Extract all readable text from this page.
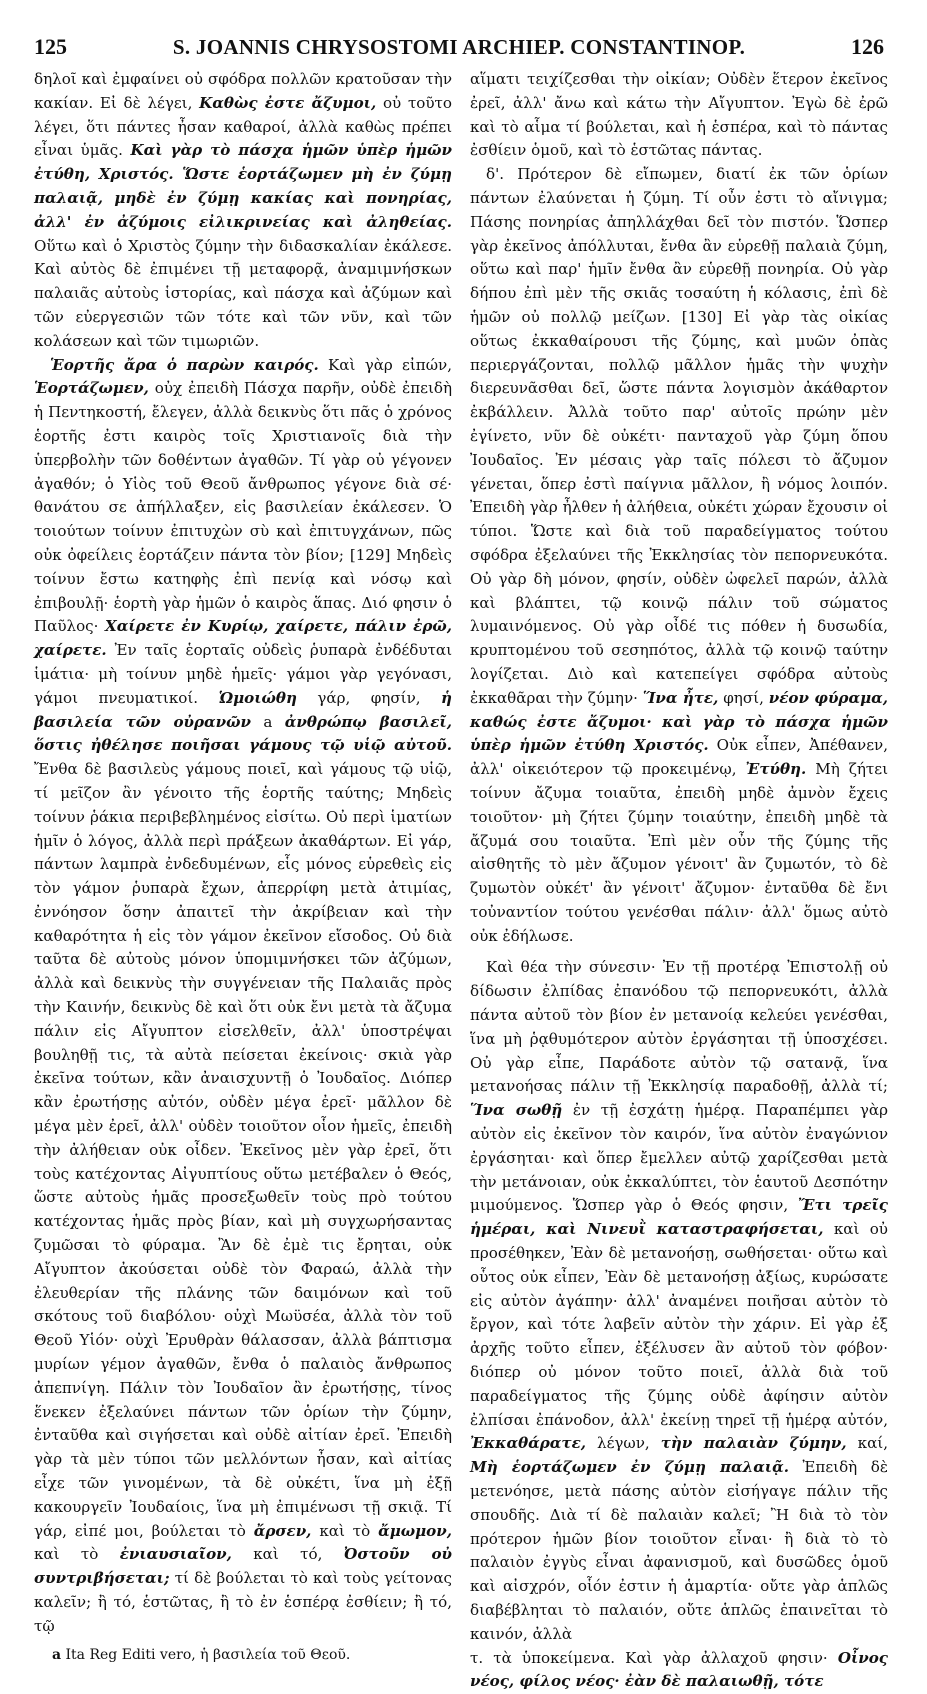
125	S. JOANNIS CHRYSOSTOMI ARCHIEP. CONSTANTINOP.	126

δηλοῖ καὶ ἐμφαίνει οὐ σφόδρα πολλῶν κρατοῦσαν τὴν κακίαν. Εἰ δὲ λέγει, Καθὼς ἐστε ἄζυμοι, οὐ τοῦτο λέγει, ὅτι πάντες ἦσαν καθαροί, ἀλλὰ καθὼς πρέπει εἶναι ὑμᾶς. Καὶ γὰρ τὸ πάσχα ἡμῶν ὑπὲρ ἡμῶν ἐτύθη, Χριστός. Ὥστε ἑορτάζωμεν μὴ ἐν ζύμῃ παλαιᾷ, μηδὲ ἐν ζύμῃ κακίας καὶ πονηρίας, ἀλλ' ἐν ἀζύμοις εἰλικρινείας καὶ ἀληθείας. Οὕτω καὶ ὁ Χριστὸς ζύμην τὴν διδασκαλίαν ἐκάλεσε. Καὶ αὐτὸς δὲ ἐπιμένει τῇ μεταφορᾷ, ἀναμιμνήσκων παλαιᾶς αὐτοὺς ἱστορίας, καὶ πάσχα καὶ ἀζύμων καὶ τῶν εὐεργεσιῶν τῶν τότε καὶ τῶν νῦν, καὶ τῶν κολάσεων καὶ τῶν τιμωριῶν.

Ἑορτῆς ἄρα ὁ παρὼν καιρός. Καὶ γὰρ εἰπών, Ἑορτάζωμεν, οὐχ ἐπειδὴ Πάσχα παρῆν, οὐδὲ ἐπειδὴ ἡ Πεντηκοστή, ἔλεγεν, ἀλλὰ δεικνὺς ὅτι πᾶς ὁ χρόνος ἑορτῆς ἐστι καιρὸς τοῖς Χριστιανοῖς διὰ τὴν ὑπερβολὴν τῶν δοθέντων ἀγαθῶν. Τί γὰρ οὐ γέγονεν ἀγαθόν; ὁ Υἱὸς τοῦ Θεοῦ ἄνθρωπος γέγονε διὰ σέ· θανάτου σε ἀπήλλαξεν, εἰς βασιλείαν ἐκάλεσεν. Ὁ τοιούτων τοίνυν ἐπιτυχὼν σὺ καὶ ἐπιτυγχάνων, πῶς οὐκ ὀφείλεις ἑορτάζειν πάντα τὸν βίον; [129] Μηδεὶς τοίνυν ἔστω κατηφὴς ἐπὶ πενίᾳ καὶ νόσῳ καὶ ἐπιβουλῇ· ἑορτὴ γὰρ ἡμῶν ὁ καιρὸς ἅπας. Διό φησιν ὁ Παῦλος· Χαίρετε ἐν Κυρίῳ, χαίρετε, πάλιν ἐρῶ, χαίρετε. Ἐν ταῖς ἑορταῖς οὐδεὶς ῥυπαρὰ ἐνδέδυται ἱμάτια· μὴ τοίνυν μηδὲ ἡμεῖς· γάμοι γὰρ γεγόνασι, γάμοι πνευματικοί. Ὡμοιώθη γάρ, φησίν, ἡ βασιλεία τῶν οὐρανῶν a ἀνθρώπῳ βασιλεῖ, ὅστις ἠθέλησε ποιῆσαι γάμους τῷ υἱῷ αὐτοῦ. Ἔνθα δὲ βασιλεὺς γάμους ποιεῖ, καὶ γάμους τῷ υἱῷ, τί μεῖζον ἂν γένοιτο τῆς ἑορτῆς ταύτης; Μηδεὶς τοίνυν ῥάκια περιβεβλημένος εἰσίτω. Οὐ περὶ ἱματίων ἡμῖν ὁ λόγος, ἀλλὰ περὶ πράξεων ἀκαθάρτων. Εἰ γάρ, πάντων λαμπρὰ ἐνδεδυμένων, εἷς μόνος εὑρεθεὶς εἰς τὸν γάμον ῥυπαρὰ ἔχων, ἀπερρίφη μετὰ ἀτιμίας, ἐννόησον ὅσην ἀπαιτεῖ τὴν ἀκρίβειαν καὶ τὴν καθαρότητα ἡ εἰς τὸν γάμον ἐκεῖνον εἴσοδος. Οὐ διὰ ταῦτα δὲ αὐτοὺς μόνον ὑπομιμνήσκει τῶν ἀζύμων, ἀλλὰ καὶ δεικνὺς τὴν συγγένειαν τῆς Παλαιᾶς πρὸς τὴν Καινήν, δεικνὺς δὲ καὶ ὅτι οὐκ ἔνι μετὰ τὰ ἄζυμα πάλιν εἰς Αἴγυπτον εἰσελθεῖν, ἀλλ' ὑποστρέψαι βουληθῇ τις, τὰ αὐτὰ πείσεται ἐκείνοις· σκιὰ γὰρ ἐκεῖνα τούτων, κἂν ἀναισχυντῇ ὁ Ἰουδαῖος. Διόπερ κἂν ἐρωτήσῃς αὐτόν, οὐδὲν μέγα ἐρεῖ· μᾶλλον δὲ μέγα μὲν ἐρεῖ, ἀλλ' οὐδὲν τοιοῦτον οἷον ἡμεῖς, ἐπειδὴ τὴν ἀλήθειαν οὐκ οἶδεν. Ἐκεῖνος μὲν γὰρ ἐρεῖ, ὅτι τοὺς κατέχοντας Αἰγυπτίους οὕτω μετέβαλεν ὁ Θεός, ὥστε αὐτοὺς ἡμᾶς προσεξωθεῖν τοὺς πρὸ τούτου κατέχοντας ἡμᾶς πρὸς βίαν, καὶ μὴ συγχωρήσαντας ζυμῶσαι τὸ φύραμα. Ἂν δὲ ἐμὲ τις ἔρηται, οὐκ Αἴγυπτον ἀκούσεται οὐδὲ τὸν Φαραώ, ἀλλὰ τὴν ἐλευθερίαν τῆς πλάνης τῶν δαιμόνων καὶ τοῦ σκότους τοῦ διαβόλου· οὐχὶ Μωϋσέα, ἀλλὰ τὸν τοῦ Θεοῦ Υἱόν· οὐχὶ Ἐρυθρὰν θάλασσαν, ἀλλὰ βάπτισμα μυρίων γέμον ἀγαθῶν, ἔνθα ὁ παλαιὸς ἄνθρωπος ἀπεπνίγη. Πάλιν τὸν Ἰουδαῖον ἂν ἐρωτήσῃς, τίνος ἕνεκεν ἐξελαύνει πάντων τῶν ὁρίων τὴν ζύμην, ἐνταῦθα καὶ σιγήσεται καὶ οὐδὲ αἰτίαν ἐρεῖ. Ἐπειδὴ γὰρ τὰ μὲν τύποι τῶν μελλόντων ἦσαν, καὶ αἰτίας εἶχε τῶν γινομένων, τὰ δὲ οὐκέτι, ἵνα μὴ ἐξῇ κακουργεῖν Ἰουδαίοις, ἵνα μὴ ἐπιμένωσι τῇ σκιᾷ. Τί γάρ, εἰπέ μοι, βούλεται τὸ ἄρσεν, καὶ τὸ ἄμωμον, καὶ τὸ ἐνιαυσιαῖον, καὶ τό, Ὀστοῦν οὐ συντριβήσεται; τί δὲ βούλεται τὸ καὶ τοὺς γείτονας καλεῖν; ἢ τό, ἑστῶτας, ἢ τὸ ἐν ἑσπέρᾳ ἐσθίειν; ἢ τό, τῷ

a Ita Reg Editi vero, ἡ βασιλεία τοῦ Θεοῦ.

αἵματι τειχίζεσθαι τὴν οἰκίαν; Οὐδὲν ἕτερον ἐκεῖνος ἐρεῖ, ἀλλ' ἄνω καὶ κάτω τὴν Αἴγυπτον. Ἐγὼ δὲ ἐρῶ καὶ τὸ αἷμα τί βούλεται, καὶ ἡ ἑσπέρα, καὶ τὸ πάντας ἐσθίειν ὁμοῦ, καὶ τὸ ἑστῶτας πάντας.

δ'. Πρότερον δὲ εἴπωμεν, διατί ἐκ τῶν ὁρίων πάντων ἐλαύνεται ἡ ζύμη. Τί οὖν ἐστι τὸ αἴνιγμα; Πάσης πονηρίας ἀπηλλάχθαι δεῖ τὸν πιστόν. Ὥσπερ γὰρ ἐκεῖνος ἀπόλλυται, ἔνθα ἂν εὑρεθῇ παλαιὰ ζύμη, οὕτω καὶ παρ' ἡμῖν ἔνθα ἂν εὑρεθῇ πονηρία. Οὐ γὰρ δήπου ἐπὶ μὲν τῆς σκιᾶς τοσαύτη ἡ κόλασις, ἐπὶ δὲ ἡμῶν οὐ πολλῷ μείζων. [130] Εἰ γὰρ τὰς οἰκίας οὕτως ἐκκαθαίρουσι τῆς ζύμης, καὶ μυῶν ὀπὰς περιεργάζονται, πολλῷ μᾶλλον ἡμᾶς τὴν ψυχὴν διερευνᾶσθαι δεῖ, ὥστε πάντα λογισμὸν ἀκάθαρτον ἐκβάλλειν. Ἀλλὰ τοῦτο παρ' αὐτοῖς πρώην μὲν ἐγίνετο, νῦν δὲ οὐκέτι· πανταχοῦ γὰρ ζύμη ὅπου Ἰουδαῖος. Ἐν μέσαις γὰρ ταῖς πόλεσι τὸ ἄζυμον γένεται, ὅπερ ἐστὶ παίγνια μᾶλλον, ἢ νόμος λοιπόν. Ἐπειδὴ γὰρ ἦλθεν ἡ ἀλήθεια, οὐκέτι χώραν ἔχουσιν οἱ τύποι. Ὥστε καὶ διὰ τοῦ παραδείγματος τούτου σφόδρα ἐξελαύνει τῆς Ἐκκλησίας τὸν πεπορνευκότα. Οὐ γὰρ δὴ μόνον, φησίν, οὐδὲν ὠφελεῖ παρών, ἀλλὰ καὶ βλάπτει, τῷ κοινῷ πάλιν τοῦ σώματος λυμαινόμενος. Οὐ γὰρ οἶδέ τις πόθεν ἡ δυσωδία, κρυπτομένου τοῦ σεσηπότος, ἀλλὰ τῷ κοινῷ ταύτην λογίζεται. Διὸ καὶ κατεπείγει σφόδρα αὐτοὺς ἐκκαθᾶραι τὴν ζύμην· Ἵνα ἦτε, φησί, νέον φύραμα, καθώς ἐστε ἄζυμοι· καὶ γὰρ τὸ πάσχα ἡμῶν ὑπὲρ ἡμῶν ἐτύθη Χριστός. Οὐκ εἶπεν, Ἀπέθανεν, ἀλλ' οἰκειότερον τῷ προκειμένῳ, Ἐτύθη. Μὴ ζήτει τοίνυν ἄζυμα τοιαῦτα, ἐπειδὴ μηδὲ ἀμνὸν ἔχεις τοιοῦτον· μὴ ζήτει ζύμην τοιαύτην, ἐπειδὴ μηδὲ τὰ ἄζυμά σου τοιαῦτα. Ἐπὶ μὲν οὖν τῆς ζύμης τῆς αἰσθητῆς τὸ μὲν ἄζυμον γένοιτ' ἂν ζυμωτόν, τὸ δὲ ζυμωτὸν οὐκέτ' ἂν γένοιτ' ἄζυμον· ἐνταῦθα δὲ ἔνι τοὐναντίον τούτου γενέσθαι πάλιν· ἀλλ' ὅμως αὐτὸ οὐκ ἐδήλωσε.

Καὶ θέα τὴν σύνεσιν· Ἐν τῇ προτέρᾳ Ἐπιστολῇ οὐ δίδωσιν ἐλπίδας ἐπανόδου τῷ πεπορνευκότι, ἀλλὰ πάντα αὐτοῦ τὸν βίον ἐν μετανοίᾳ κελεύει γενέσθαι, ἵνα μὴ ῥᾳθυμότερον αὐτὸν ἐργάσηται τῇ ὑποσχέσει. Οὐ γὰρ εἶπε, Παράδοτε αὐτὸν τῷ σατανᾷ, ἵνα μετανοήσας πάλιν τῇ Ἐκκλησίᾳ παραδοθῇ, ἀλλὰ τί; Ἵνα σωθῇ ἐν τῇ ἐσχάτῃ ἡμέρᾳ. Παραπέμπει γὰρ αὐτὸν εἰς ἐκεῖνον τὸν καιρόν, ἵνα αὐτὸν ἐναγώνιον ἐργάσηται· καὶ ὅπερ ἔμελλεν αὐτῷ χαρίζεσθαι μετὰ τὴν μετάνοιαν, οὐκ ἐκκαλύπτει, τὸν ἑαυτοῦ Δεσπότην μιμούμενος. Ὥσπερ γὰρ ὁ Θεός φησιν, Ἔτι τρεῖς ἡμέραι, καὶ Νινευῒ καταστραφήσεται, καὶ οὐ προσέθηκεν, Ἐὰν δὲ μετανοήσῃ, σωθήσεται· οὕτω καὶ οὗτος οὐκ εἶπεν, Ἐὰν δὲ μετανοήσῃ ἀξίως, κυρώσατε εἰς αὐτὸν ἀγάπην· ἀλλ' ἀναμένει ποιῆσαι αὐτὸν τὸ ἔργον, καὶ τότε λαβεῖν αὐτὸν τὴν χάριν. Εἰ γὰρ ἐξ ἀρχῆς τοῦτο εἶπεν, ἐξέλυσεν ἂν αὐτοῦ τὸν φόβον· διόπερ οὐ μόνον τοῦτο ποιεῖ, ἀλλὰ διὰ τοῦ παραδείγματος τῆς ζύμης οὐδὲ ἀφίησιν αὐτὸν ἐλπίσαι ἐπάνοδον, ἀλλ' ἐκείνῃ τηρεῖ τῇ ἡμέρᾳ αὐτόν, Ἐκκαθάρατε, λέγων, τὴν παλαιὰν ζύμην, καί, Μὴ ἑορτάζωμεν ἐν ζύμῃ παλαιᾷ. Ἐπειδὴ δὲ μετενόησε, μετὰ πάσης αὐτὸν εἰσήγαγε πάλιν τῆς σπουδῆς. Διὰ τί δὲ παλαιὰν καλεῖ; Ἢ διὰ τὸ τὸν πρότερον ἡμῶν βίον τοιοῦτον εἶναι· ἢ διὰ τὸ τὸ παλαιὸν ἐγγὺς εἶναι ἀφανισμοῦ, καὶ δυσῶδες ὁμοῦ καὶ αἰσχρόν, οἷόν ἐστιν ἡ ἁμαρτία· οὔτε γὰρ ἁπλῶς διαβέβληται τὸ παλαιόν, οὔτε ἁπλῶς ἐπαινεῖται τὸ καινόν, ἀλλὰ

τ. τὰ ὑποκείμενα. Καὶ γὰρ ἀλλαχοῦ φησιν· Οἶνος νέος, φίλος νέος· ἐὰν δὲ παλαιωθῇ, τότε
